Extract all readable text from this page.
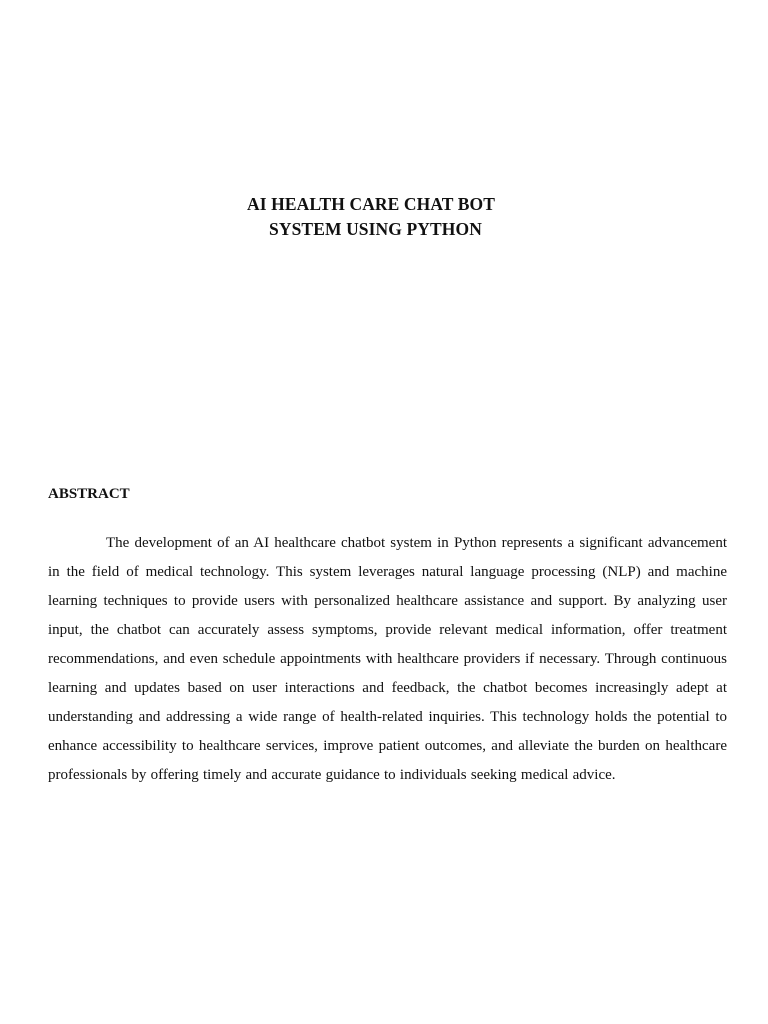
AI HEALTH CARE CHAT BOT
SYSTEM USING PYTHON
ABSTRACT

The development of an AI healthcare chatbot system in Python represents a significant advancement in the field of medical technology. This system leverages natural language processing (NLP) and machine learning techniques to provide users with personalized healthcare assistance and support. By analyzing user input, the chatbot can accurately assess symptoms, provide relevant medical information, offer treatment recommendations, and even schedule appointments with healthcare providers if necessary. Through continuous learning and updates based on user interactions and feedback, the chatbot becomes increasingly adept at understanding and addressing a wide range of health-related inquiries. This technology holds the potential to enhance accessibility to healthcare services, improve patient outcomes, and alleviate the burden on healthcare professionals by offering timely and accurate guidance to individuals seeking medical advice.
